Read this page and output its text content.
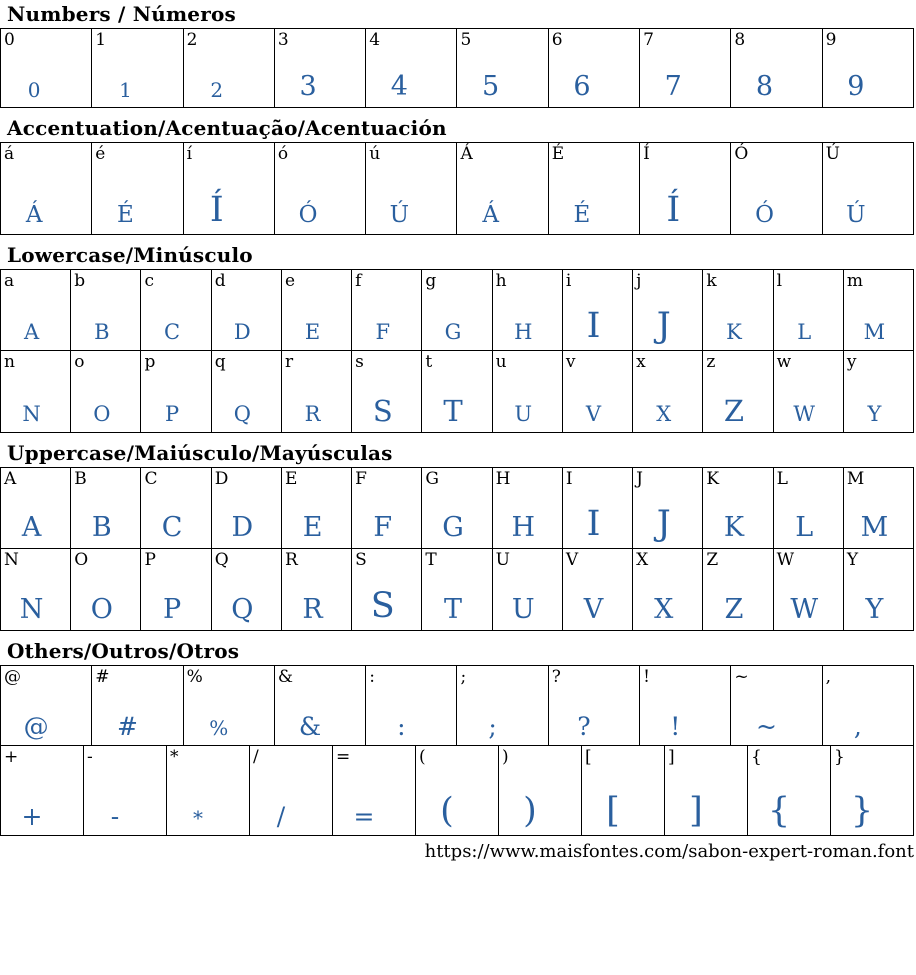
Numbers / Números
0
0
1
1
2
2
3
3
4
4
5
5
6
6
7
7
8
8
9
9
Accentuation/Acentuação/Acentuación
á
Á
é
É
í
Í
ó
Ó
ú
Ú
Á
Á
É
É
Í
Í
Ó
Ó
Ú
Ú
Lowercase/Minúsculo
a
A
b
B
c
C
d
D
e
E
f
F
g
G
h
H
i
I
j
J
k
K
l
L
m
M
n
N
o
O
p
P
q
Q
r
R
s
S
t
T
u
U
v
V
x
X
z
Z
w
W
y
Y
Uppercase/Maiúsculo/Mayúsculas
A
A
B
B
C
C
D
D
E
E
F
F
G
G
H
H
I
I
J
J
K
K
L
L
M
M
N
N
O
O
P
P
Q
Q
R
R
S
S
T
T
U
U
V
V
X
X
Z
Z
W
W
Y
Y
Others/Outros/Otros
@
@
#
#
%
%
&
&
:
:
;
;
?
?
!
!
~
~
,
,
+
+
-
-
*
*
/
/
=
=
(
(
)
)
[
[
]
]
{
{
}
}
https://www.maisfontes.com/sabon-expert-roman.font
